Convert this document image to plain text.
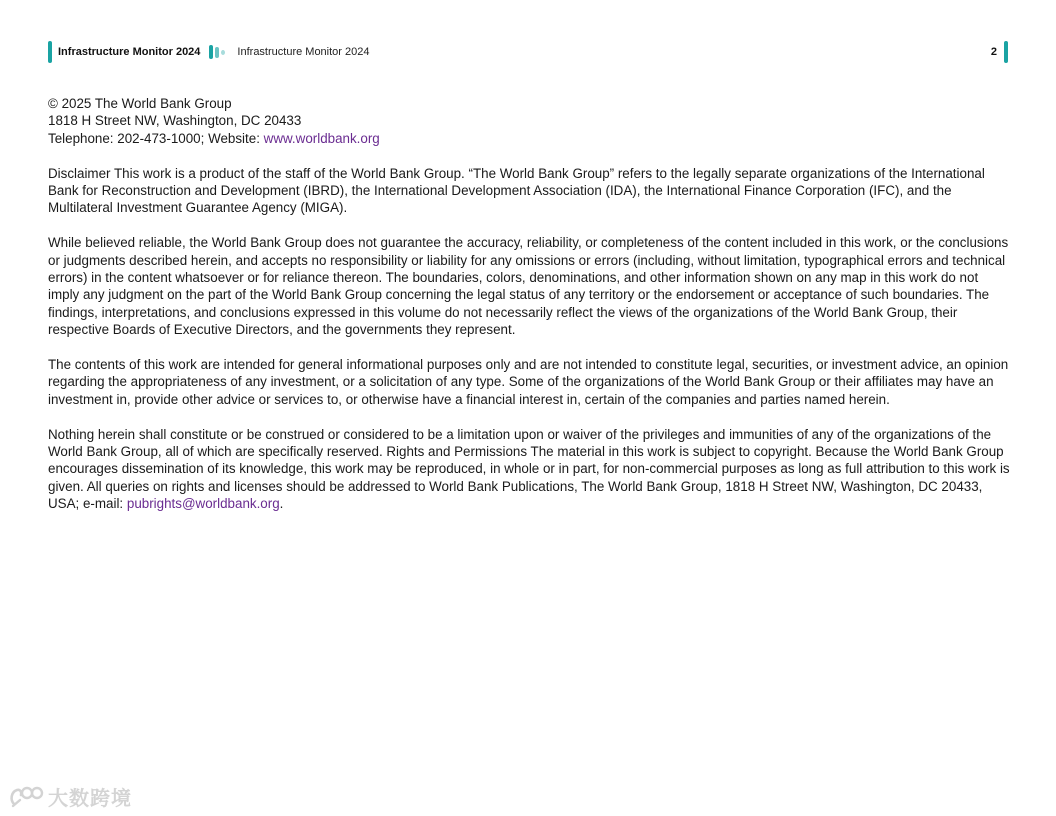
Infrastructure Monitor 2024	Infrastructure Monitor 2024	2

© 2025 The World Bank Group
1818 H Street NW, Washington, DC 20433
Telephone: 202-473-1000; Website: www.worldbank.org

Disclaimer This work is a product of the staff of the World Bank Group. “The World Bank Group” refers to the legally separate organizations of the International Bank for Reconstruction and Development (IBRD), the International Development Association (IDA), the International Finance Corporation (IFC), and the Multilateral Investment Guarantee Agency (MIGA).

While believed reliable, the World Bank Group does not guarantee the accuracy, reliability, or completeness of the content included in this work, or the conclusions or judgments described herein, and accepts no responsibility or liability for any omissions or errors (including, without limitation, typographical errors and technical errors) in the content whatsoever or for reliance thereon. The boundaries, colors, denominations, and other information shown on any map in this work do not imply any judgment on the part of the World Bank Group concerning the legal status of any territory or the endorsement or acceptance of such boundaries. The findings, interpretations, and conclusions expressed in this volume do not necessarily reflect the views of the organizations of the World Bank Group, their respective Boards of Executive Directors, and the governments they represent.

The contents of this work are intended for general informational purposes only and are not intended to constitute legal, securities, or investment advice, an opinion regarding the appropriateness of any investment, or a solicitation of any type. Some of the organizations of the World Bank Group or their affiliates may have an investment in, provide other advice or services to, or otherwise have a financial interest in, certain of the companies and parties named herein.

Nothing herein shall constitute or be construed or considered to be a limitation upon or waiver of the privileges and immunities of any of the organizations of the World Bank Group, all of which are specifically reserved. Rights and Permissions The material in this work is subject to copyright. Because the World Bank Group encourages dissemination of its knowledge, this work may be reproduced, in whole or in part, for non-commercial purposes as long as full attribution to this work is given. All queries on rights and licenses should be addressed to World Bank Publications, The World Bank Group, 1818 H Street NW, Washington, DC 20433, USA; e-mail: pubrights@worldbank.org.

大数跨境
